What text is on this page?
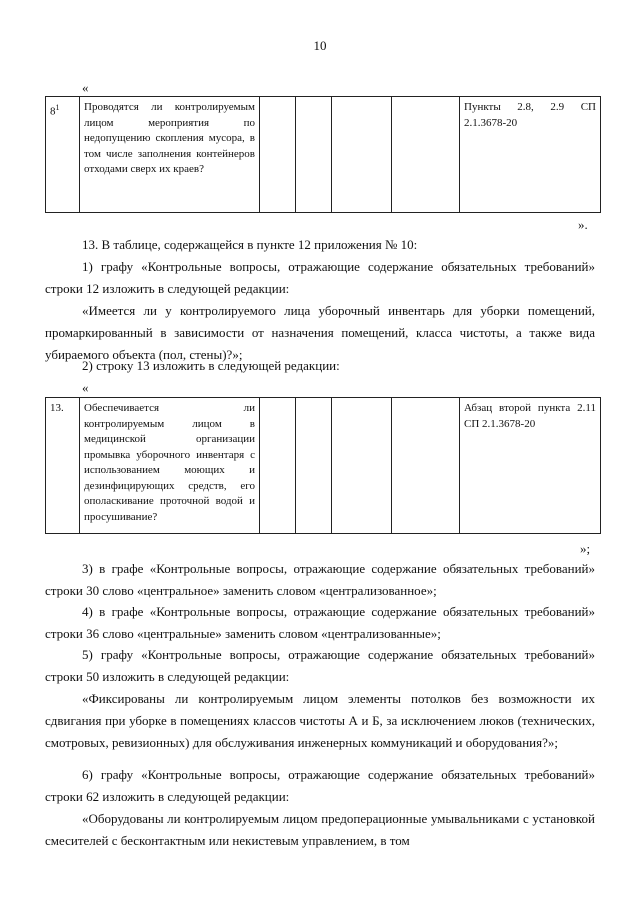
10
«
$8^1$	Проводятся ли контролируемым лицом мероприятия по недопущению скопления мусора, в том числе заполнения контейнеров отходами сверх их краев?					Пункты 2.8, 2.9 СП 2.1.3678-20
».
13. В таблице, содержащейся в пункте 12 приложения № 10:
1) графу «Контрольные вопросы, отражающие содержание обязательных требований» строки 12 изложить в следующей редакции:
«Имеется ли у контролируемого лица уборочный инвентарь для уборки помещений, промаркированный в зависимости от назначения помещений, класса чистоты, а также вида убираемого объекта (пол, стены)?»;
2) строку 13 изложить в следующей редакции:
«
13.	Обеспечивается ли контролируемым лицом в медицинской организации промывка уборочного инвентаря с использованием моющих и дезинфицирующих средств, его ополаскивание проточной водой и просушивание?					Абзац второй пункта 2.11 СП 2.1.3678-20
»;
3) в графе «Контрольные вопросы, отражающие содержание обязательных требований» строки 30 слово «центральное» заменить словом «централизованное»;
4) в графе «Контрольные вопросы, отражающие содержание обязательных требований» строки 36 слово «центральные» заменить словом «централизованные»;
5) графу «Контрольные вопросы, отражающие содержание обязательных требований» строки 50 изложить в следующей редакции:
«Фиксированы ли контролируемым лицом элементы потолков без возможности их сдвигания при уборке в помещениях классов чистоты А и Б, за исключением люков (технических, смотровых, ревизионных) для обслуживания инженерных коммуникаций и оборудования?»;
6) графу «Контрольные вопросы, отражающие содержание обязательных требований» строки 62 изложить в следующей редакции:
«Оборудованы ли контролируемым лицом предоперационные умывальниками с установкой смесителей с бесконтактным или некистевым управлением, в том
